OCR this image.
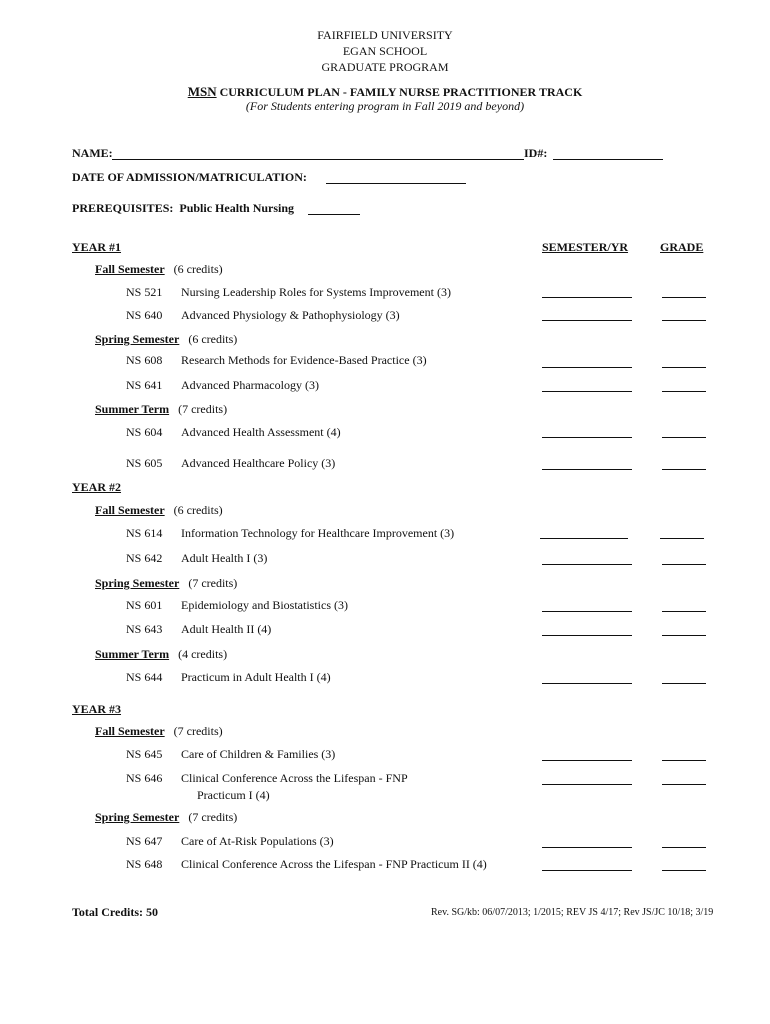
FAIRFIELD UNIVERSITY
EGAN SCHOOL
GRADUATE PROGRAM
MSN CURRICULUM PLAN - FAMILY NURSE PRACTITIONER TRACK
(For Students entering program in Fall 2019 and beyond)
NAME:	ID#:
DATE OF ADMISSION/MATRICULATION:
PREREQUISITES: Public Health Nursing
SEMESTER/YR	GRADE
YEAR #1
Fall Semester (6 credits)
NS 521 Nursing Leadership Roles for Systems Improvement (3)
NS 640 Advanced Physiology & Pathophysiology (3)
Spring Semester (6 credits)
NS 608 Research Methods for Evidence-Based Practice (3)
NS 641 Advanced Pharmacology (3)
Summer Term (7 credits)
NS 604 Advanced Health Assessment (4)
NS 605 Advanced Healthcare Policy (3)
YEAR #2
Fall Semester (6 credits)
NS 614 Information Technology for Healthcare Improvement (3)
NS 642 Adult Health I (3)
Spring Semester (7 credits)
NS 601 Epidemiology and Biostatistics (3)
NS 643 Adult Health II (4)
Summer Term (4 credits)
NS 644 Practicum in Adult Health I (4)
YEAR #3
Fall Semester (7 credits)
NS 645 Care of Children & Families (3)
NS 646 Clinical Conference Across the Lifespan - FNP
Practicum I (4)
Spring Semester (7 credits)
NS 647 Care of At-Risk Populations (3)
NS 648 Clinical Conference Across the Lifespan - FNP Practicum II (4)
Total Credits: 50	Rev. SG/kb: 06/07/2013; 1/2015; REV JS 4/17; Rev JS/JC 10/18; 3/19
